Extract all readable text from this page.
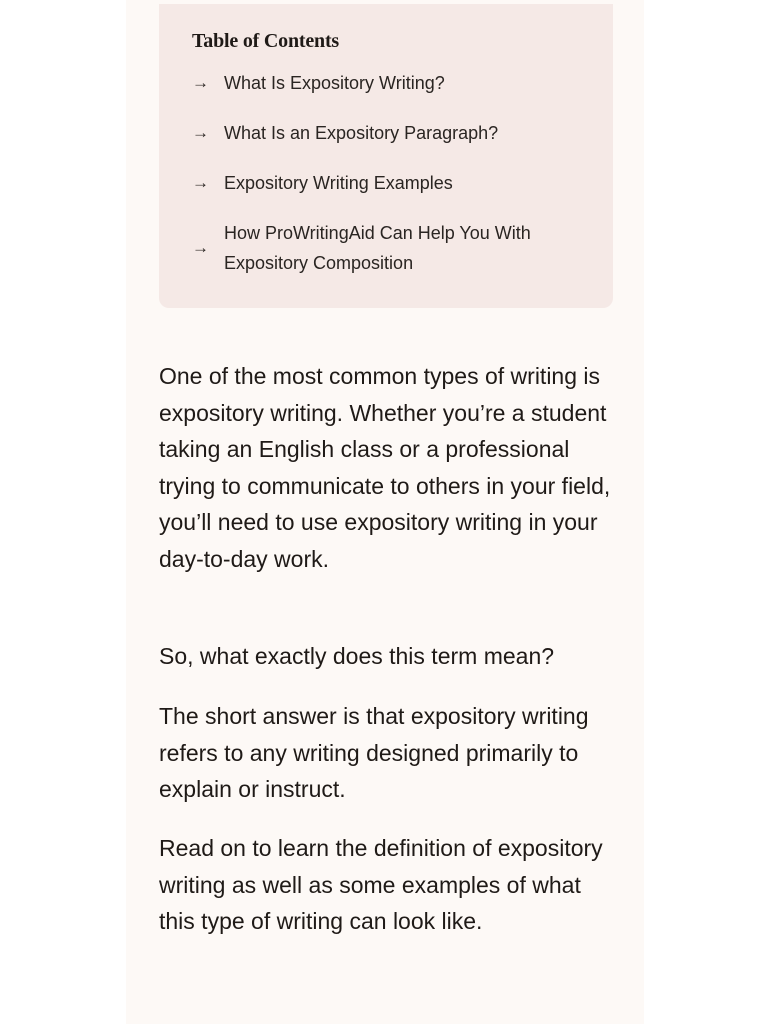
Table of Contents
→ What Is Expository Writing?
→ What Is an Expository Paragraph?
→ Expository Writing Examples
→
How ProWritingAid Can Help You With Expository Composition

One of the most common types of writing is expository writing. Whether you’re a student taking an English class or a professional trying to communicate to others in your field, you’ll need to use expository writing in your day-to-day work.

So, what exactly does this term mean?

The short answer is that expository writing refers to any writing designed primarily to explain or instruct.

Read on to learn the definition of expository writing as well as some examples of what this type of writing can look like.
